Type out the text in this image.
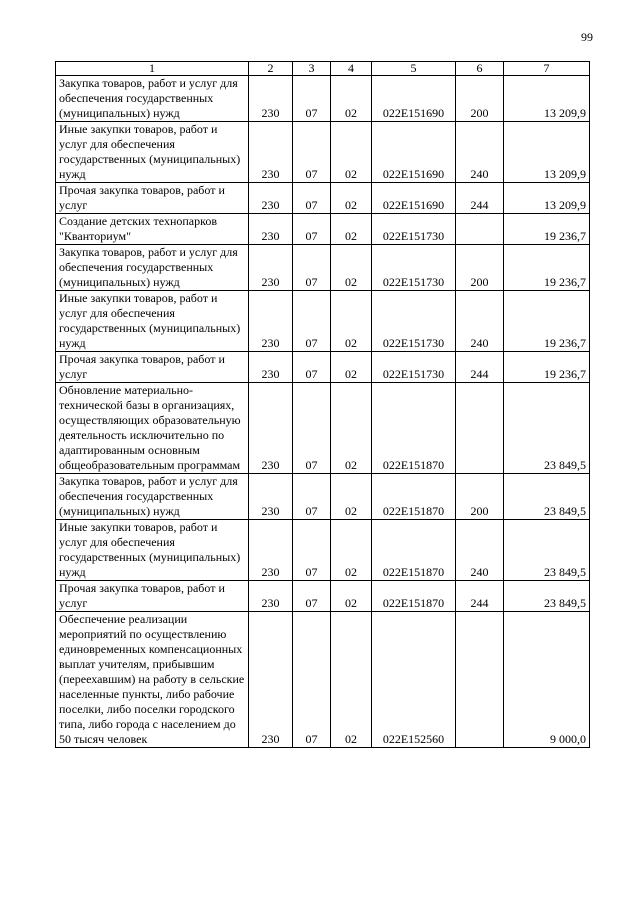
99
1	2	3	4	5	6	7
Закупка товаров, работ и услуг для обеспечения государственных (муниципальных) нужд	230	07	02	022E151690	200	13 209,9
Иные закупки товаров, работ и услуг для обеспечения государственных (муниципальных) нужд	230	07	02	022E151690	240	13 209,9
Прочая закупка товаров, работ и услуг	230	07	02	022E151690	244	13 209,9
Создание детских технопарков "Кванториум"	230	07	02	022E151730		19 236,7
Закупка товаров, работ и услуг для обеспечения государственных (муниципальных) нужд	230	07	02	022E151730	200	19 236,7
Иные закупки товаров, работ и услуг для обеспечения государственных (муниципальных) нужд	230	07	02	022E151730	240	19 236,7
Прочая закупка товаров, работ и услуг	230	07	02	022E151730	244	19 236,7
Обновление материально-технической базы в организациях, осуществляющих образовательную деятельность исключительно по адаптированным основным общеобразовательным программам	230	07	02	022E151870		23 849,5
Закупка товаров, работ и услуг для обеспечения государственных (муниципальных) нужд	230	07	02	022E151870	200	23 849,5
Иные закупки товаров, работ и услуг для обеспечения государственных (муниципальных) нужд	230	07	02	022E151870	240	23 849,5
Прочая закупка товаров, работ и услуг	230	07	02	022E151870	244	23 849,5
Обеспечение реализации мероприятий по осуществлению единовременных компенсационных выплат учителям, прибывшим (переехавшим) на работу в сельские населенные пункты, либо рабочие поселки, либо поселки городского типа, либо города с населением до 50 тысяч человек	230	07	02	022E152560		9 000,0
